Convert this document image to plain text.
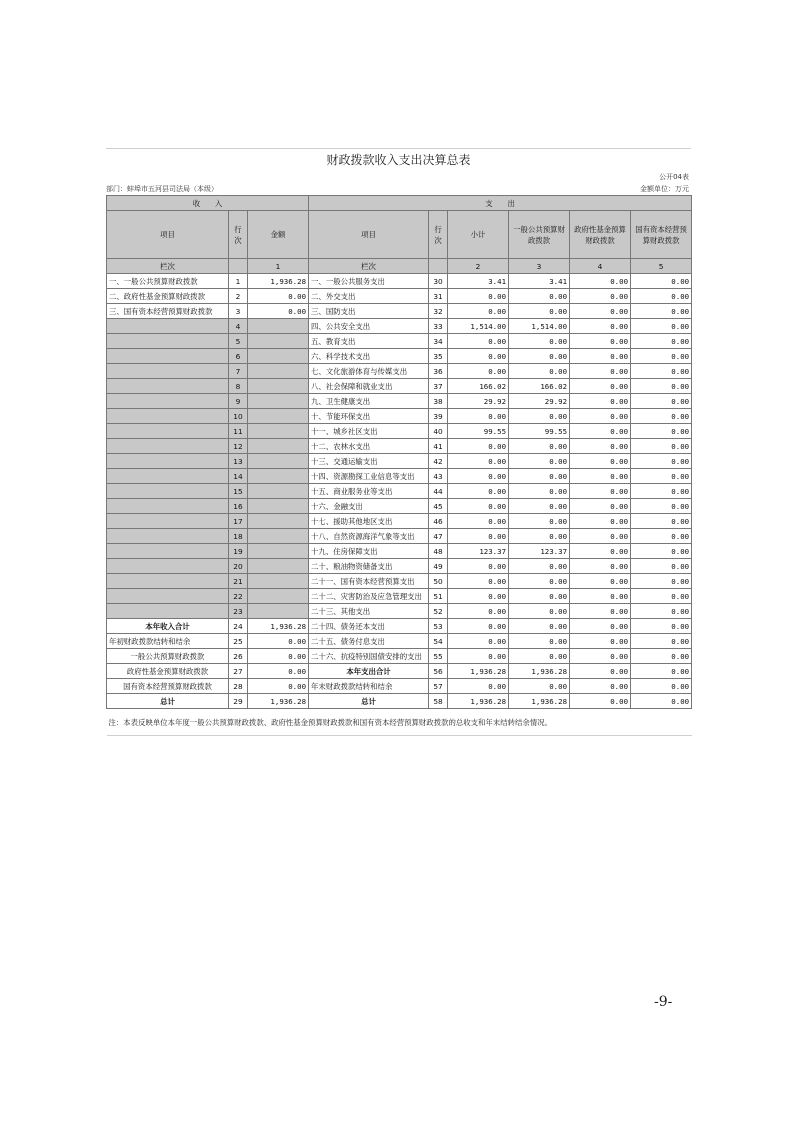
财政拨款收入支出决算总表
公开04表
部门：蚌埠市五河县司法局（本级）	金额单位：万元
收　　入			支　　出					
项目	行次	金额	项目	行次	小计	一般公共预算财政拨款	政府性基金预算财政拨款	国有资本经营预算财政拨款
栏次		1	栏次		2	3	4	5
一、一般公共预算财政拨款	1	1,936.28	一、一般公共服务支出	30	3.41	3.41	0.00	0.00
二、政府性基金预算财政拨款	2	0.00	二、外交支出	31	0.00	0.00	0.00	0.00
三、国有资本经营预算财政拨款	3	0.00	三、国防支出	32	0.00	0.00	0.00	0.00
	4		四、公共安全支出	33	1,514.00	1,514.00	0.00	0.00
	5		五、教育支出	34	0.00	0.00	0.00	0.00
	6		六、科学技术支出	35	0.00	0.00	0.00	0.00
	7		七、文化旅游体育与传媒支出	36	0.00	0.00	0.00	0.00
	8		八、社会保障和就业支出	37	166.02	166.02	0.00	0.00
	9		九、卫生健康支出	38	29.92	29.92	0.00	0.00
	10		十、节能环保支出	39	0.00	0.00	0.00	0.00
	11		十一、城乡社区支出	40	99.55	99.55	0.00	0.00
	12		十二、农林水支出	41	0.00	0.00	0.00	0.00
	13		十三、交通运输支出	42	0.00	0.00	0.00	0.00
	14		十四、资源勘探工业信息等支出	43	0.00	0.00	0.00	0.00
	15		十五、商业服务业等支出	44	0.00	0.00	0.00	0.00
	16		十六、金融支出	45	0.00	0.00	0.00	0.00
	17		十七、援助其他地区支出	46	0.00	0.00	0.00	0.00
	18		十八、自然资源海洋气象等支出	47	0.00	0.00	0.00	0.00
	19		十九、住房保障支出	48	123.37	123.37	0.00	0.00
	20		二十、粮油物资储备支出	49	0.00	0.00	0.00	0.00
	21		二十一、国有资本经营预算支出	50	0.00	0.00	0.00	0.00
	22		二十二、灾害防治及应急管理支出	51	0.00	0.00	0.00	0.00
	23		二十三、其他支出	52	0.00	0.00	0.00	0.00
本年收入合计	24	1,936.28	二十四、债务还本支出	53	0.00	0.00	0.00	0.00
年初财政拨款结转和结余	25	0.00	二十五、债务付息支出	54	0.00	0.00	0.00	0.00
一般公共预算财政拨款	26	0.00	二十六、抗疫特别国债安排的支出	55	0.00	0.00	0.00	0.00
政府性基金预算财政拨款	27	0.00	本年支出合计	56	1,936.28	1,936.28	0.00	0.00
国有资本经营预算财政拨款	28	0.00	年末财政拨款结转和结余	57	0.00	0.00	0.00	0.00
总计	29	1,936.28	总计	58	1,936.28	1,936.28	0.00	0.00
注：本表反映单位本年度一般公共预算财政拨款、政府性基金预算财政拨款和国有资本经营预算财政拨款的总收支和年末结转结余情况。								
-9-
